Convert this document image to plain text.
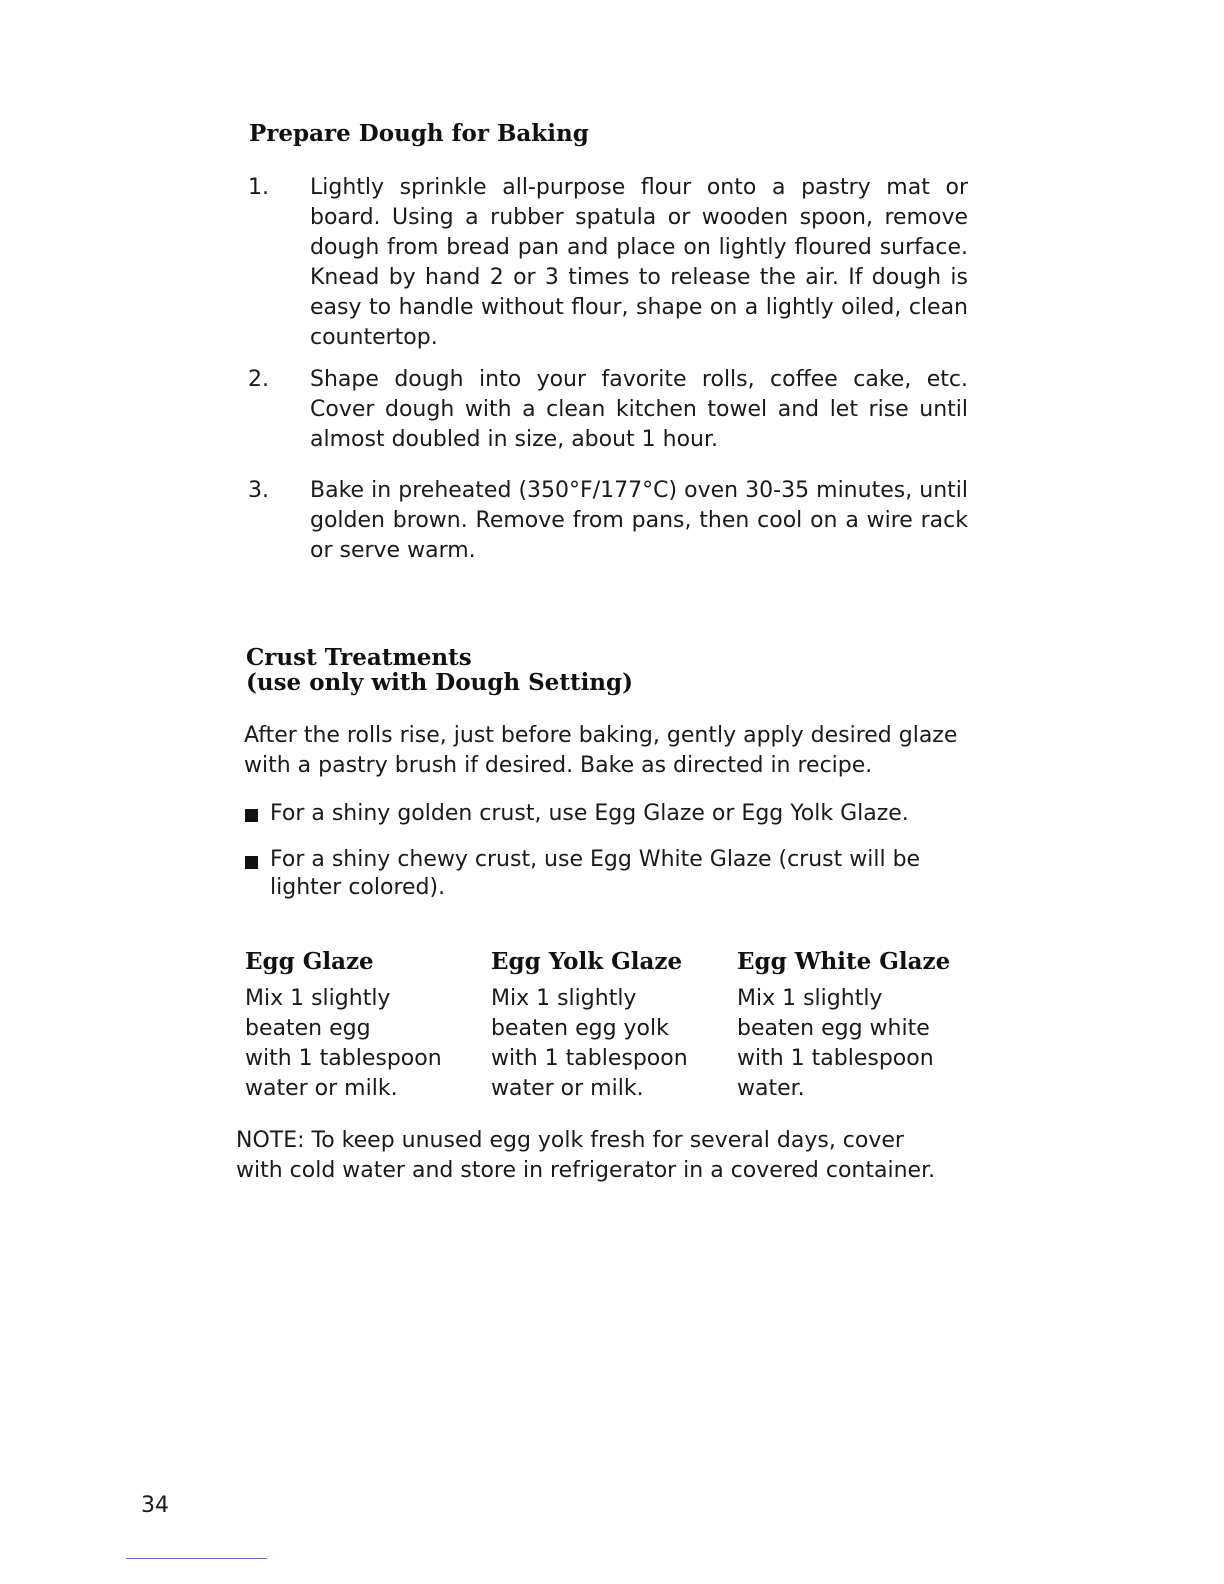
Prepare Dough for Baking
1.	Lightly sprinkle all-purpose flour onto a pastry mat or board. Using a rubber spatula or wooden spoon, remove dough from bread pan and place on lightly floured surface. Knead by hand 2 or 3 times to release the air. If dough is easy to handle without flour, shape on a lightly oiled, clean countertop.
2.	Shape dough into your favorite rolls, coffee cake, etc. Cover dough with a clean kitchen towel and let rise until almost doubled in size, about 1 hour.
3.	Bake in preheated (350°F/177°C) oven 30-35 minutes, until golden brown. Remove from pans, then cool on a wire rack or serve warm.
Crust Treatments
(use only with Dough Setting)
After the rolls rise, just before baking, gently apply desired glaze with a pastry brush if desired. Bake as directed in recipe.
For a shiny golden crust, use Egg Glaze or Egg Yolk Glaze.
For a shiny chewy crust, use Egg White Glaze (crust will be lighter colored).
Egg Glaze
Mix 1 slightly
beaten egg
with 1 tablespoon
water or milk.
Egg Yolk Glaze
Mix 1 slightly
beaten egg yolk
with 1 tablespoon
water or milk.
Egg White Glaze
Mix 1 slightly
beaten egg white
with 1 tablespoon
water.
NOTE: To keep unused egg yolk fresh for several days, cover with cold water and store in refrigerator in a covered container.
34
